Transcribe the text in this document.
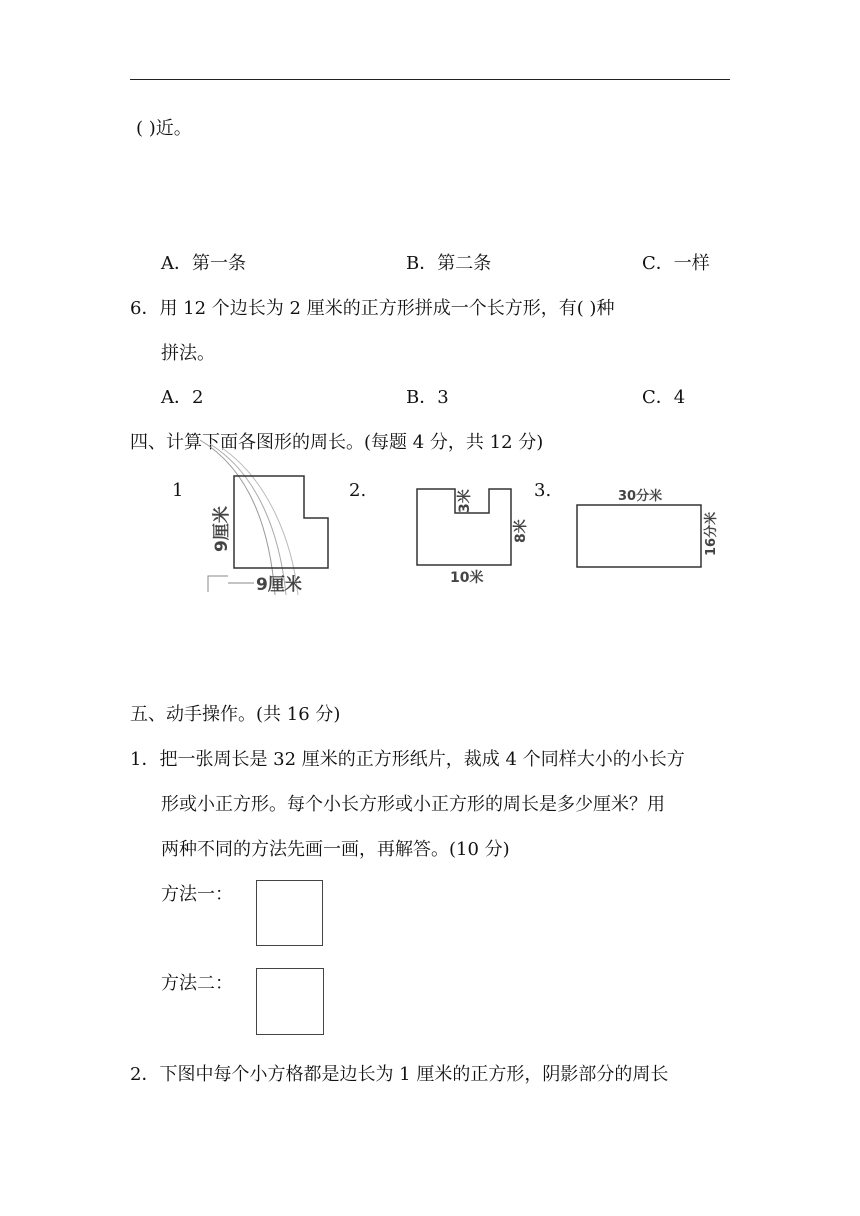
( )近。
A．第一条	B．第二条	C．一样
6．用 12 个边长为 2 厘米的正方形拼成一个长方形，有( )种
拼法。
A．2	B．3	C．4
四、计算下面各图形的周长。(每题 4 分，共 12 分)
1	2.	3.
9厘米
9厘米
3米
8米
10米
30分米
16分米
五、动手操作。(共 16 分)
1．把一张周长是 32 厘米的正方形纸片，裁成 4 个同样大小的小长方
形或小正方形。每个小长方形或小正方形的周长是多少厘米？用
两种不同的方法先画一画，再解答。(10 分)
方法一：
方法二：
2．下图中每个小方格都是边长为 1 厘米的正方形，阴影部分的周长
